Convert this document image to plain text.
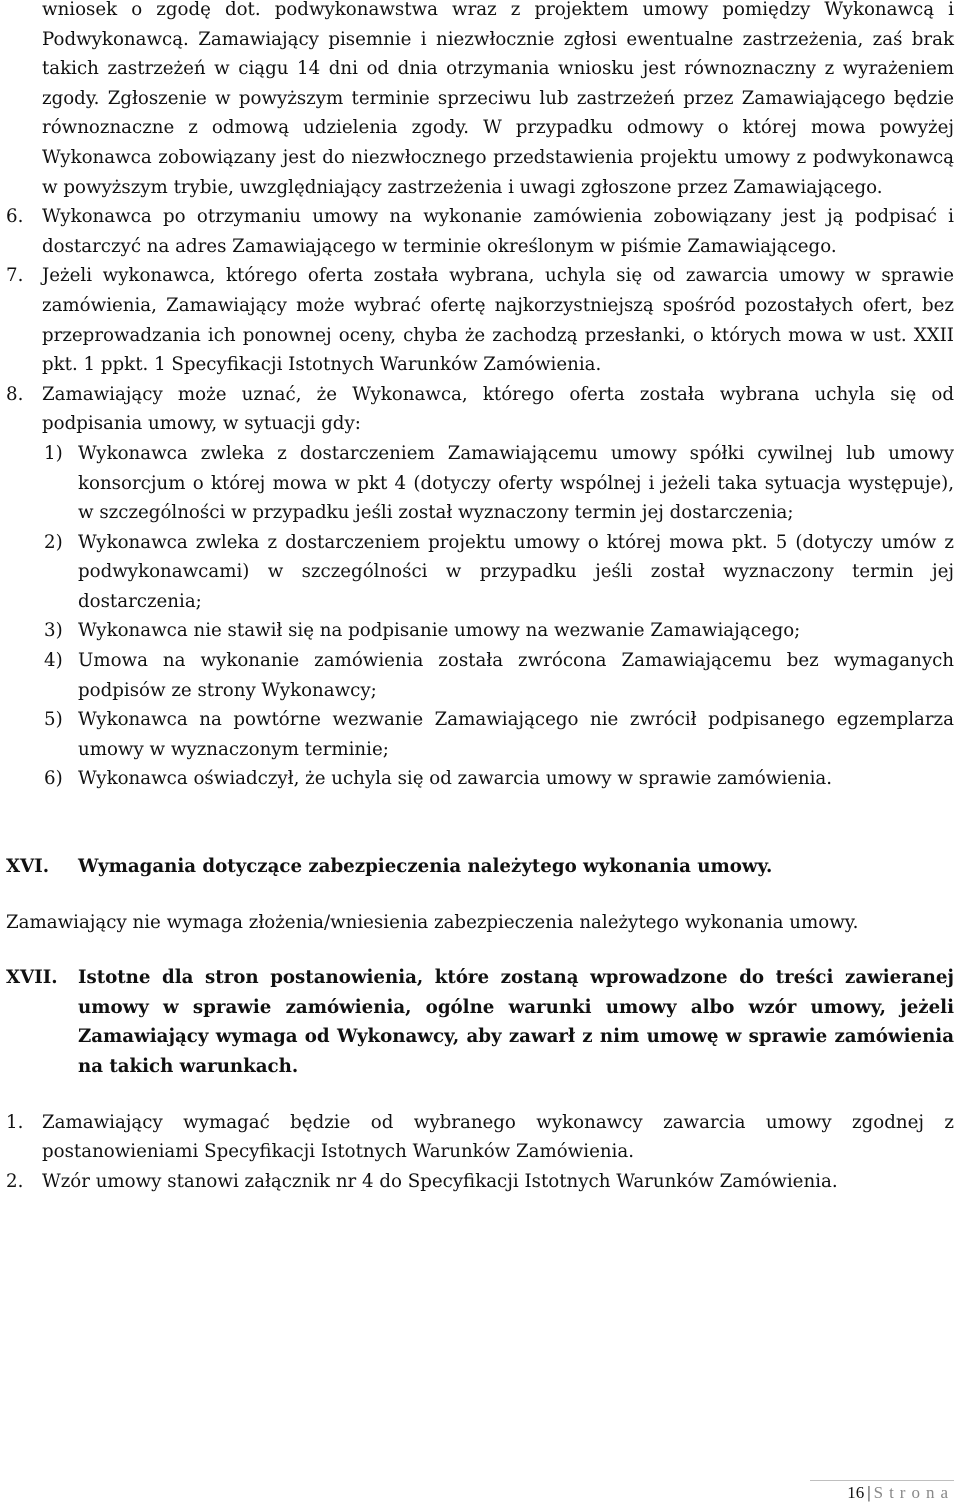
wniosek o zgodę dot. podwykonawstwa wraz z projektem umowy pomiędzy Wykonawcą i Podwykonawcą. Zamawiający pisemnie i niezwłocznie zgłosi ewentualne zastrzeżenia, zaś brak takich zastrzeżeń w ciągu 14 dni od dnia otrzymania wniosku jest równoznaczny z wyrażeniem zgody. Zgłoszenie w powyższym terminie sprzeciwu lub zastrzeżeń przez Zamawiającego będzie równoznaczne z odmową udzielenia zgody. W przypadku odmowy o której mowa powyżej Wykonawca zobowiązany jest do niezwłocznego przedstawienia projektu umowy z podwykonawcą w powyższym trybie, uwzględniający zastrzeżenia i uwagi zgłoszone przez Zamawiającego.

6. Wykonawca po otrzymaniu umowy na wykonanie zamówienia zobowiązany jest ją podpisać i dostarczyć na adres Zamawiającego w terminie określonym w piśmie Zamawiającego.
7. Jeżeli wykonawca, którego oferta została wybrana, uchyla się od zawarcia umowy w sprawie zamówienia, Zamawiający może wybrać ofertę najkorzystniejszą spośród pozostałych ofert, bez przeprowadzania ich ponownej oceny, chyba że zachodzą przesłanki, o których mowa w ust. XXII pkt. 1 ppkt. 1 Specyfikacji Istotnych Warunków Zamówienia.
8. Zamawiający może uznać, że Wykonawca, którego oferta została wybrana uchyla się od podpisania umowy, w sytuacji gdy:
1) Wykonawca zwleka z dostarczeniem Zamawiającemu umowy spółki cywilnej lub umowy konsorcjum o której mowa w pkt 4 (dotyczy oferty wspólnej i jeżeli taka sytuacja występuje), w szczególności w przypadku jeśli został wyznaczony termin jej dostarczenia;
2) Wykonawca zwleka z dostarczeniem projektu umowy o której mowa pkt. 5 (dotyczy umów z podwykonawcami) w szczególności w przypadku jeśli został wyznaczony termin jej dostarczenia;
3) Wykonawca nie stawił się na podpisanie umowy na wezwanie Zamawiającego;
4) Umowa na wykonanie zamówienia została zwrócona Zamawiającemu bez wymaganych podpisów ze strony Wykonawcy;
5) Wykonawca na powtórne wezwanie Zamawiającego nie zwrócił podpisanego egzemplarza umowy w wyznaczonym terminie;
6) Wykonawca oświadczył, że uchyla się od zawarcia umowy w sprawie zamówienia.
XVI. Wymagania dotyczące zabezpieczenia należytego wykonania umowy.

Zamawiający nie wymaga złożenia/wniesienia zabezpieczenia należytego wykonania umowy.

XVII. Istotne dla stron postanowienia, które zostaną wprowadzone do treści zawieranej umowy w sprawie zamówienia, ogólne warunki umowy albo wzór umowy, jeżeli Zamawiający wymaga od Wykonawcy, aby zawarł z nim umowę w sprawie zamówienia na takich warunkach.
1. Zamawiający wymagać będzie od wybranego wykonawcy zawarcia umowy zgodnej z postanowieniami Specyfikacji Istotnych Warunków Zamówienia.
2. Wzór umowy stanowi załącznik nr 4 do Specyfikacji Istotnych Warunków Zamówienia.
16 | Strona
